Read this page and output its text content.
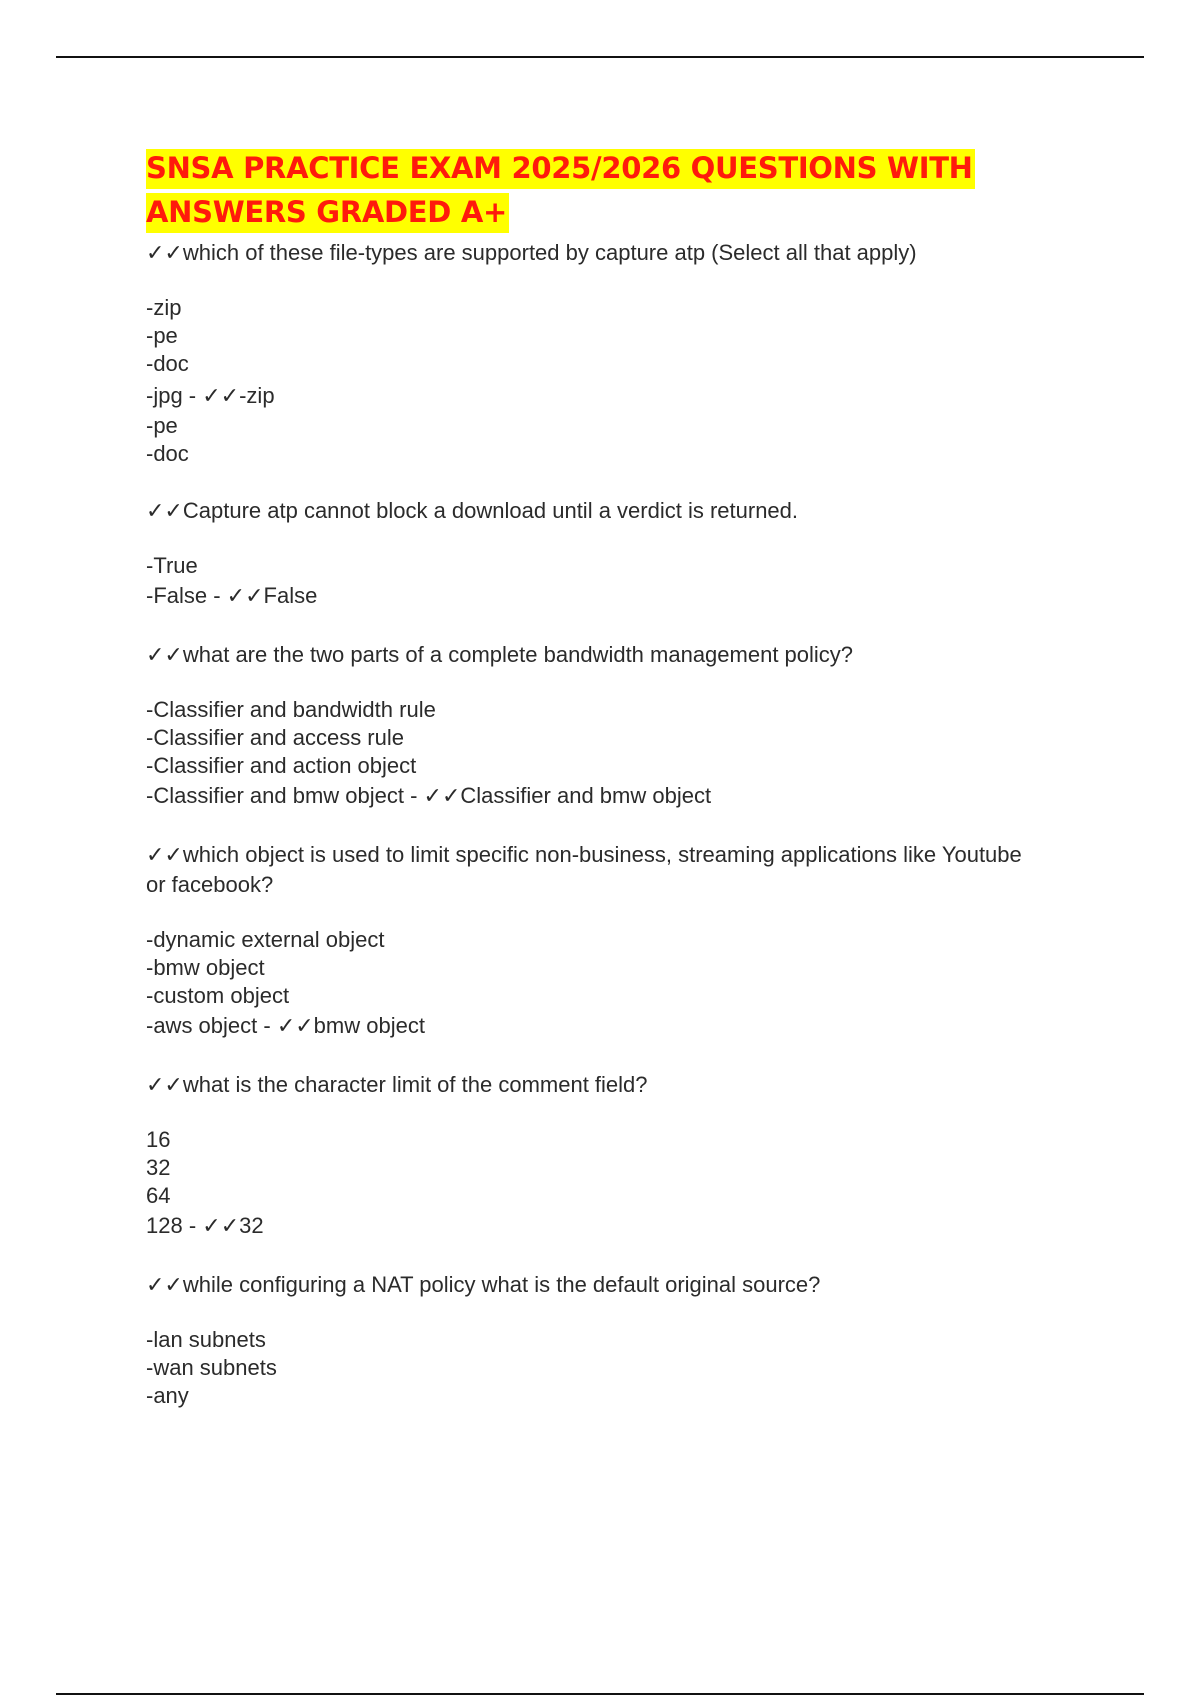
SNSA PRACTICE EXAM 2025/2026 QUESTIONS WITH ANSWERS GRADED A+

✓✓which of these file-types are supported by capture atp (Select all that apply)

-zip
-pe
-doc
-jpg - ✓✓-zip
-pe
-doc

✓✓Capture atp cannot block a download until a verdict is returned.

-True
-False - ✓✓False

✓✓what are the two parts of a complete bandwidth management policy?

-Classifier and bandwidth rule
-Classifier and access rule
-Classifier and action object
-Classifier and bmw object - ✓✓Classifier and bmw object

✓✓which object is used to limit specific non-business, streaming applications like Youtube or facebook?

-dynamic external object
-bmw object
-custom object
-aws object - ✓✓bmw object

✓✓what is the character limit of the comment field?

16
32
64
128 - ✓✓32

✓✓while configuring a NAT policy what is the default original source?

-lan subnets
-wan subnets
-any
